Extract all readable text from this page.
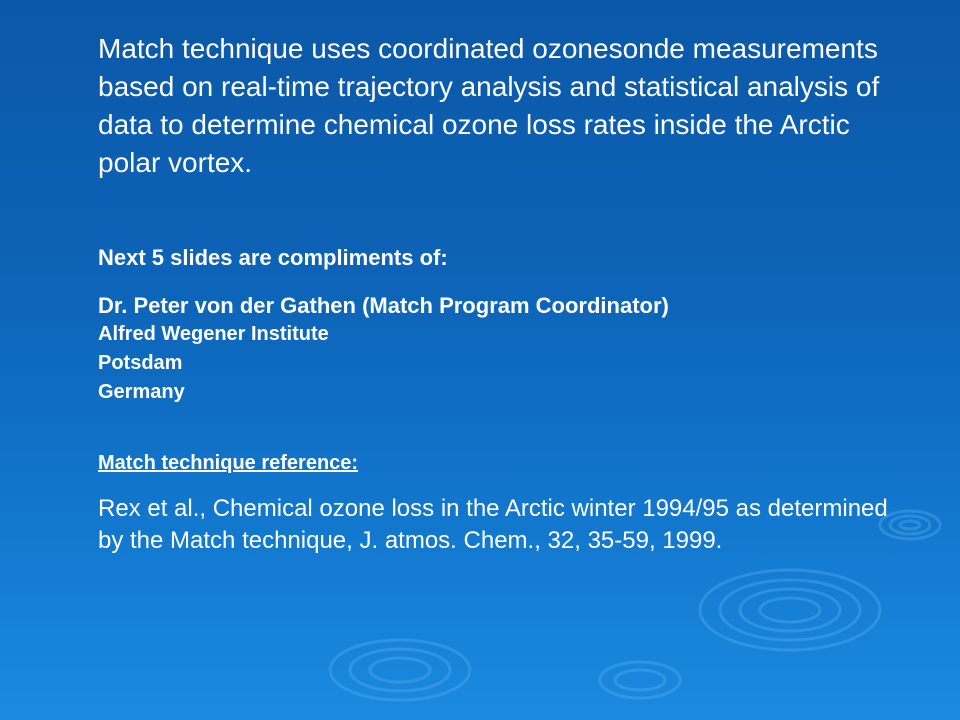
Match technique uses coordinated ozonesonde measurements based on real-time trajectory analysis and statistical analysis of data to determine chemical ozone loss rates inside the Arctic polar vortex.

Next 5 slides are compliments of:

Dr. Peter von der Gathen (Match Program Coordinator)

Alfred Wegener Institute

Potsdam

Germany

Match technique reference:

Rex et al., Chemical ozone loss in the Arctic winter 1994/95 as determined by the Match technique, J. atmos. Chem., 32, 35-59, 1999.
